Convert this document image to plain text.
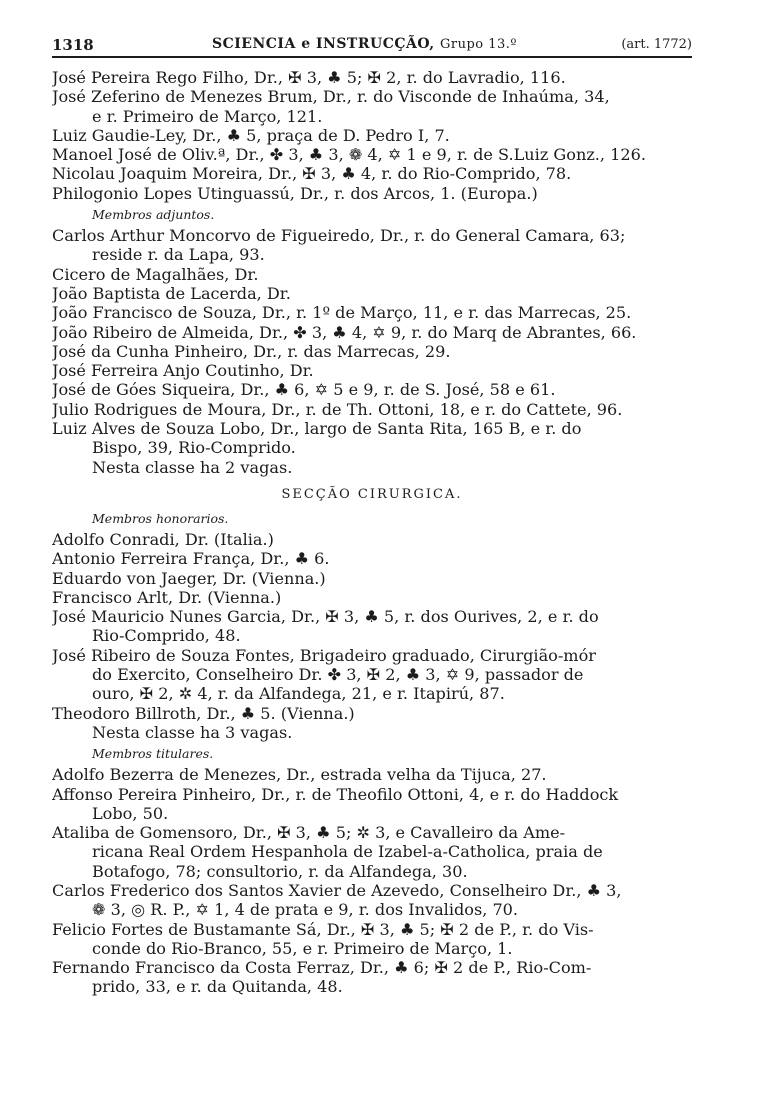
1318	SCIENCIA e INSTRUCÇÃO, Grupo 13.º	(art. 1772)
José Pereira Rego Filho, Dr., ✠ 3, ♣ 5; ✠ 2, r. do Lavradio, 116.
José Zeferino de Menezes Brum, Dr., r. do Visconde de Inhaúma, 34,
e r. Primeiro de Março, 121.
Luiz Gaudie-Ley, Dr., ♣ 5, praça de D. Pedro I, 7.
Manoel José de Oliv.ª, Dr., ✤ 3, ♣ 3, ❁ 4, ✡ 1 e 9, r. de S.Luiz Gonz., 126.
Nicolau Joaquim Moreira, Dr., ✠ 3, ♣ 4, r. do Rio-Comprido, 78.
Philogonio Lopes Utinguassú, Dr., r. dos Arcos, 1. (Europa.)
Membros adjuntos.
Carlos Arthur Moncorvo de Figueiredo, Dr., r. do General Camara, 63;
reside r. da Lapa, 93.
Cicero de Magalhães, Dr.
João Baptista de Lacerda, Dr.
João Francisco de Souza, Dr., r. 1º de Março, 11, e r. das Marrecas, 25.
João Ribeiro de Almeida, Dr., ✤ 3, ♣ 4, ✡ 9, r. do Marq de Abrantes, 66.
José da Cunha Pinheiro, Dr., r. das Marrecas, 29.
José Ferreira Anjo Coutinho, Dr.
José de Góes Siqueira, Dr., ♣ 6, ✡ 5 e 9, r. de S. José, 58 e 61.
Julio Rodrigues de Moura, Dr., r. de Th. Ottoni, 18, e r. do Cattete, 96.
Luiz Alves de Souza Lobo, Dr., largo de Santa Rita, 165 B, e r. do
Bispo, 39, Rio-Comprido.
Nesta classe ha 2 vagas.
SECÇÃO CIRURGICA.
Membros honorarios.
Adolfo Conradi, Dr. (Italia.)
Antonio Ferreira França, Dr., ♣ 6.
Eduardo von Jaeger, Dr. (Vienna.)
Francisco Arlt, Dr. (Vienna.)
José Mauricio Nunes Garcia, Dr., ✠ 3, ♣ 5, r. dos Ourives, 2, e r. do
Rio-Comprido, 48.
José Ribeiro de Souza Fontes, Brigadeiro graduado, Cirurgião-mór
do Exercito, Conselheiro Dr. ✤ 3, ✠ 2, ♣ 3, ✡ 9, passador de
ouro, ✠ 2, ✲ 4, r. da Alfandega, 21, e r. Itapirú, 87.
Theodoro Billroth, Dr., ♣ 5. (Vienna.)
Nesta classe ha 3 vagas.
Membros titulares.
Adolfo Bezerra de Menezes, Dr., estrada velha da Tijuca, 27.
Affonso Pereira Pinheiro, Dr., r. de Theofilo Ottoni, 4, e r. do Haddock
Lobo, 50.
Ataliba de Gomensoro, Dr., ✠ 3, ♣ 5; ✲ 3, e Cavalleiro da Ame-
ricana Real Ordem Hespanhola de Izabel-a-Catholica, praia de
Botafogo, 78; consultorio, r. da Alfandega, 30.
Carlos Frederico dos Santos Xavier de Azevedo, Conselheiro Dr., ♣ 3,
❁ 3, ◎ R. P., ✡ 1, 4 de prata e 9, r. dos Invalidos, 70.
Felicio Fortes de Bustamante Sá, Dr., ✠ 3, ♣ 5; ✠ 2 de P., r. do Vis-
conde do Rio-Branco, 55, e r. Primeiro de Março, 1.
Fernando Francisco da Costa Ferraz, Dr., ♣ 6; ✠ 2 de P., Rio-Com-
prido, 33, e r. da Quitanda, 48.
